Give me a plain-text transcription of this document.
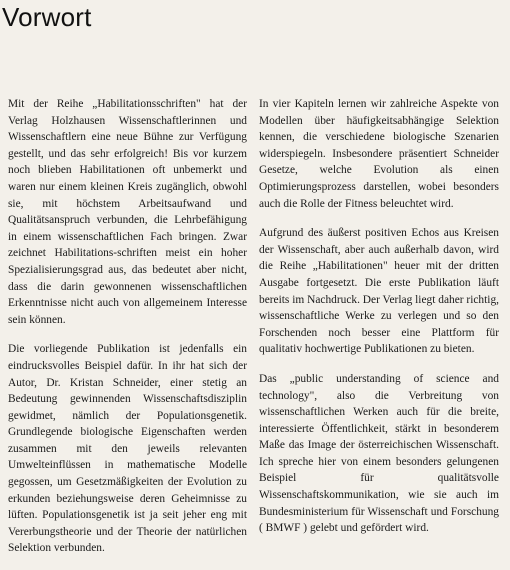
Vorwort

Mit der Reihe „Habilitationsschriften" hat der Verlag Holzhausen Wissenschaftlerinnen und Wissenschaftlern eine neue Bühne zur Verfügung gestellt, und das sehr erfolgreich! Bis vor kurzem noch blieben Habilitationen oft unbemerkt und waren nur einem kleinen Kreis zugänglich, obwohl sie, mit höchstem Arbeitsaufwand und Qualitätsanspruch verbunden, die Lehrbefähigung in einem wissenschaftlichen Fach bringen. Zwar zeichnet Habilitations-schriften meist ein hoher Spezialisierungsgrad aus, das bedeutet aber nicht, dass die darin gewonnenen wissenschaftlichen Erkenntnisse nicht auch von allgemeinem Interesse sein können.

Die vorliegende Publikation ist jedenfalls ein eindrucksvolles Beispiel dafür. In ihr hat sich der Autor, Dr. Kristan Schneider, einer stetig an Bedeutung gewinnenden Wissenschaftsdisziplin gewidmet, nämlich der Populationsgenetik. Grundlegende biologische Eigenschaften werden zusammen mit den jeweils relevanten Umwelteinflüssen in mathematische Modelle gegossen, um Gesetzmäßigkeiten der Evolution zu erkunden beziehungsweise deren Geheimnisse zu lüften. Populationsgenetik ist ja seit jeher eng mit Vererbungstheorie und der Theorie der natürlichen Selektion verbunden.

In vier Kapiteln lernen wir zahlreiche Aspekte von Modellen über häufigkeitsabhängige Selektion kennen, die verschiedene biologische Szenarien widerspiegeln. Insbesondere präsentiert Schneider Gesetze, welche Evolution als einen Optimierungsprozess darstellen, wobei besonders auch die Rolle der Fitness beleuchtet wird.

Aufgrund des äußerst positiven Echos aus Kreisen der Wissenschaft, aber auch außerhalb davon, wird die Reihe „Habilitationen" heuer mit der dritten Ausgabe fortgesetzt. Die erste Publikation läuft bereits im Nachdruck. Der Verlag liegt daher richtig, wissenschaftliche Werke zu verlegen und so den Forschenden noch besser eine Plattform für qualitativ hochwertige Publikationen zu bieten.

Das „public understanding of science and technology", also die Verbreitung von wissenschaftlichen Werken auch für die breite, interessierte Öffentlichkeit, stärkt in besonderem Maße das Image der österreichischen Wissenschaft. Ich spreche hier von einem besonders gelungenen Beispiel für qualitätsvolle Wissenschaftskommunikation, wie sie auch im Bundesministerium für Wissenschaft und Forschung ( BMWF ) gelebt und gefördert wird.
